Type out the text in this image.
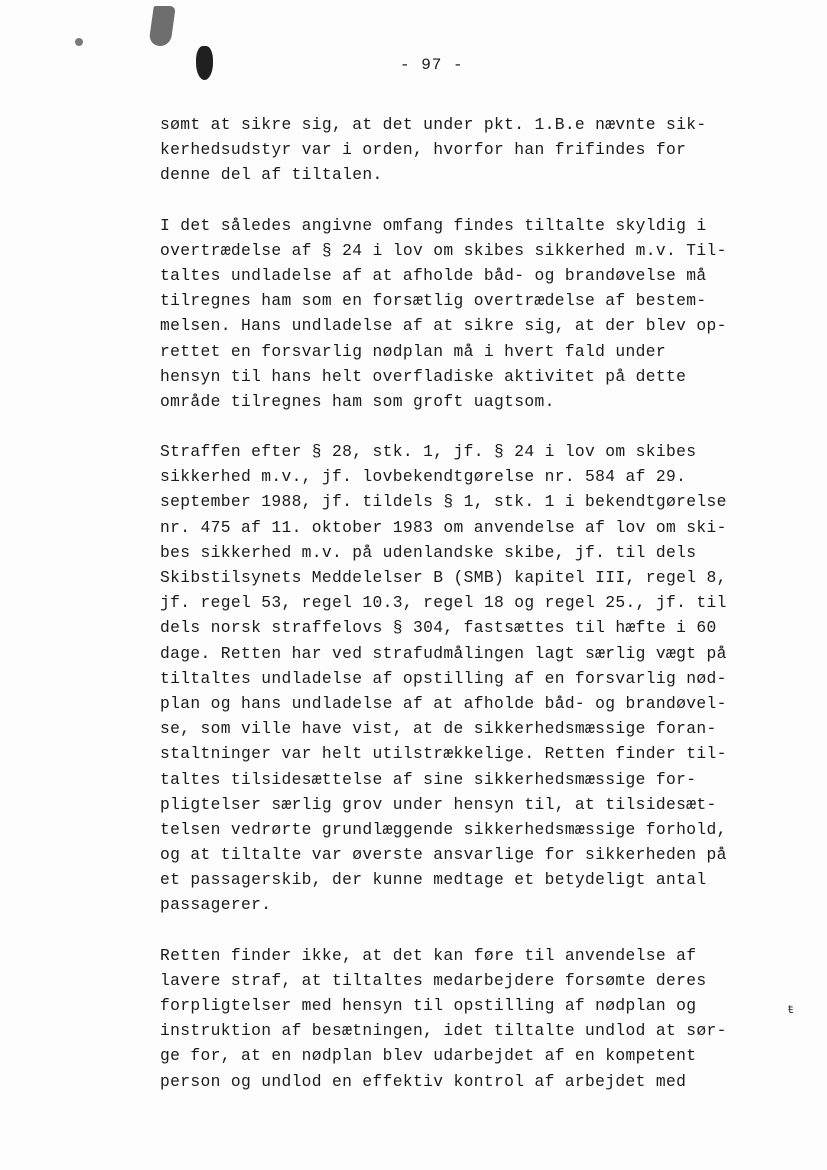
ŧ
- 97 -
sømt at sikre sig, at det under pkt. 1.B.e nævnte sik-
kerhedsudstyr var i orden, hvorfor han frifindes for
denne del af tiltalen.
I det således angivne omfang findes tiltalte skyldig i
overtrædelse af § 24 i lov om skibes sikkerhed m.v. Til-
taltes undladelse af at afholde båd- og brandøvelse må
tilregnes ham som en forsætlig overtrædelse af bestem-
melsen. Hans undladelse af at sikre sig, at der blev op-
rettet en forsvarlig nødplan må i hvert fald under
hensyn til hans helt overfladiske aktivitet på dette
område tilregnes ham som groft uagtsom.
Straffen efter § 28, stk. 1, jf. § 24 i lov om skibes
sikkerhed m.v., jf. lovbekendtgørelse nr. 584 af 29.
september 1988, jf. tildels § 1, stk. 1 i bekendtgørelse
nr. 475 af 11. oktober 1983 om anvendelse af lov om ski-
bes sikkerhed m.v. på udenlandske skibe, jf. til dels
Skibstilsynets Meddelelser B (SMB) kapitel III, regel 8,
jf. regel 53, regel 10.3, regel 18 og regel 25., jf. til
dels norsk straffelovs § 304, fastsættes til hæfte i 60
dage. Retten har ved strafudmålingen lagt særlig vægt på
tiltaltes undladelse af opstilling af en forsvarlig nød-
plan og hans undladelse af at afholde båd- og brandøvel-
se, som ville have vist, at de sikkerhedsmæssige foran-
staltninger var helt utilstrækkelige. Retten finder til-
taltes tilsidesættelse af sine sikkerhedsmæssige for-
pligtelser særlig grov under hensyn til, at tilsidesæt-
telsen vedrørte grundlæggende sikkerhedsmæssige forhold,
og at tiltalte var øverste ansvarlige for sikkerheden på
et passagerskib, der kunne medtage et betydeligt antal
passagerer.
Retten finder ikke, at det kan føre til anvendelse af
lavere straf, at tiltaltes medarbejdere forsømte deres
forpligtelser med hensyn til opstilling af nødplan og
instruktion af besætningen, idet tiltalte undlod at sør-
ge for, at en nødplan blev udarbejdet af en kompetent
person og undlod en effektiv kontrol af arbejdet med
